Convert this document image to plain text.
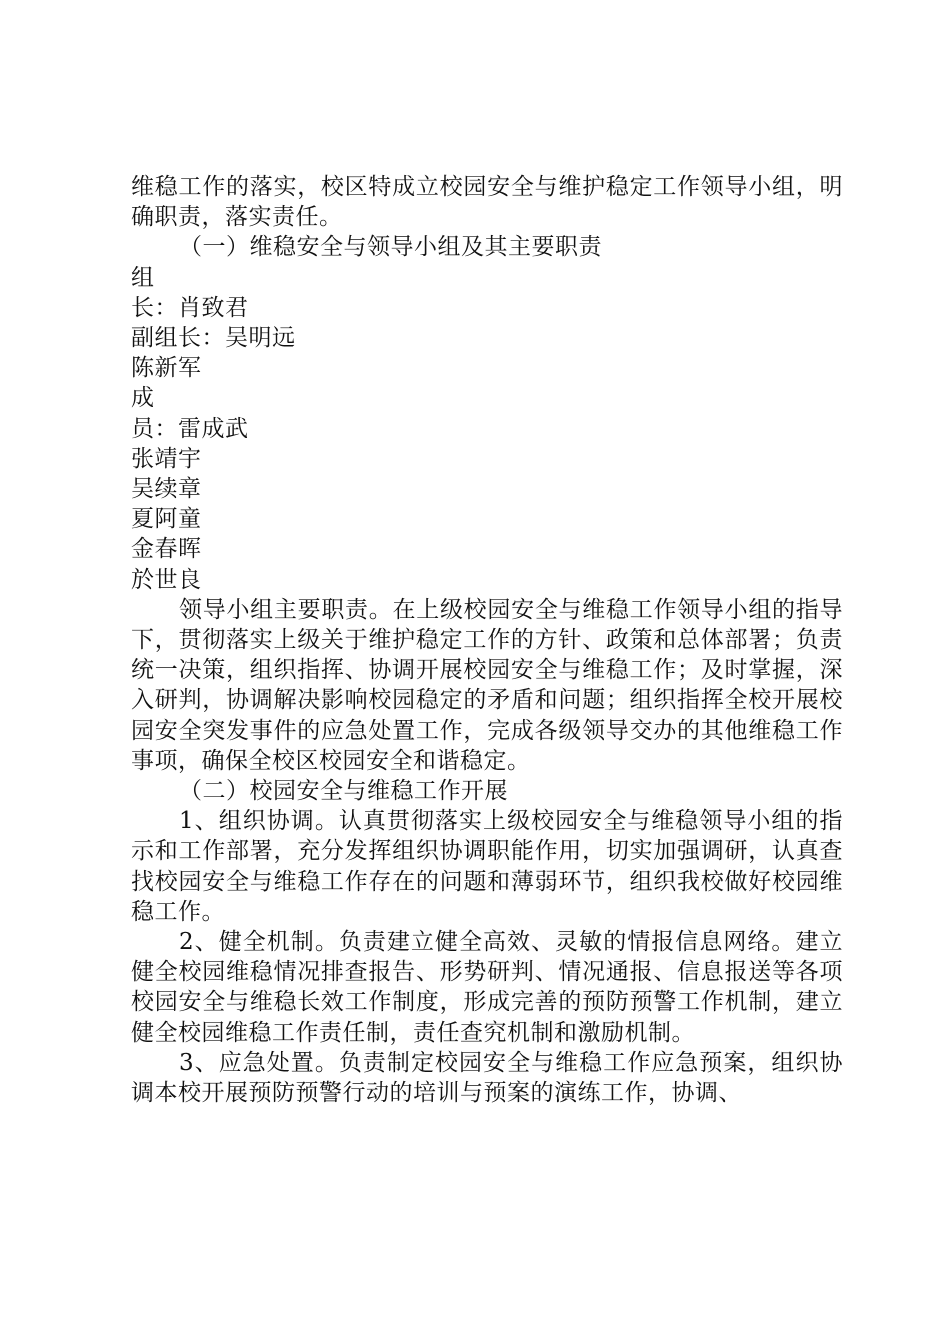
维稳工作的落实，校区特成立校园安全与维护稳定工作领导小组，明确职责，落实责任。

（一）维稳安全与领导小组及其主要职责

组

长：肖致君

副组长：吴明远

陈新军

成

员：雷成武

张靖宇

吴续章

夏阿童

金春晖

於世良

领导小组主要职责。在上级校园安全与维稳工作领导小组的指导下，贯彻落实上级关于维护稳定工作的方针、政策和总体部署；负责统一决策，组织指挥、协调开展校园安全与维稳工作；及时掌握，深入研判，协调解决影响校园稳定的矛盾和问题；组织指挥全校开展校园安全突发事件的应急处置工作，完成各级领导交办的其他维稳工作事项，确保全校区校园安全和谐稳定。

（二）校园安全与维稳工作开展

1、组织协调。认真贯彻落实上级校园安全与维稳领导小组的指示和工作部署，充分发挥组织协调职能作用，切实加强调研，认真查找校园安全与维稳工作存在的问题和薄弱环节，组织我校做好校园维稳工作。

2、健全机制。负责建立健全高效、灵敏的情报信息网络。建立健全校园维稳情况排查报告、形势研判、情况通报、信息报送等各项校园安全与维稳长效工作制度，形成完善的预防预警工作机制，建立健全校园维稳工作责任制，责任查究机制和激励机制。

3、应急处置。负责制定校园安全与维稳工作应急预案，组织协调本校开展预防预警行动的培训与预案的演练工作，协调、
